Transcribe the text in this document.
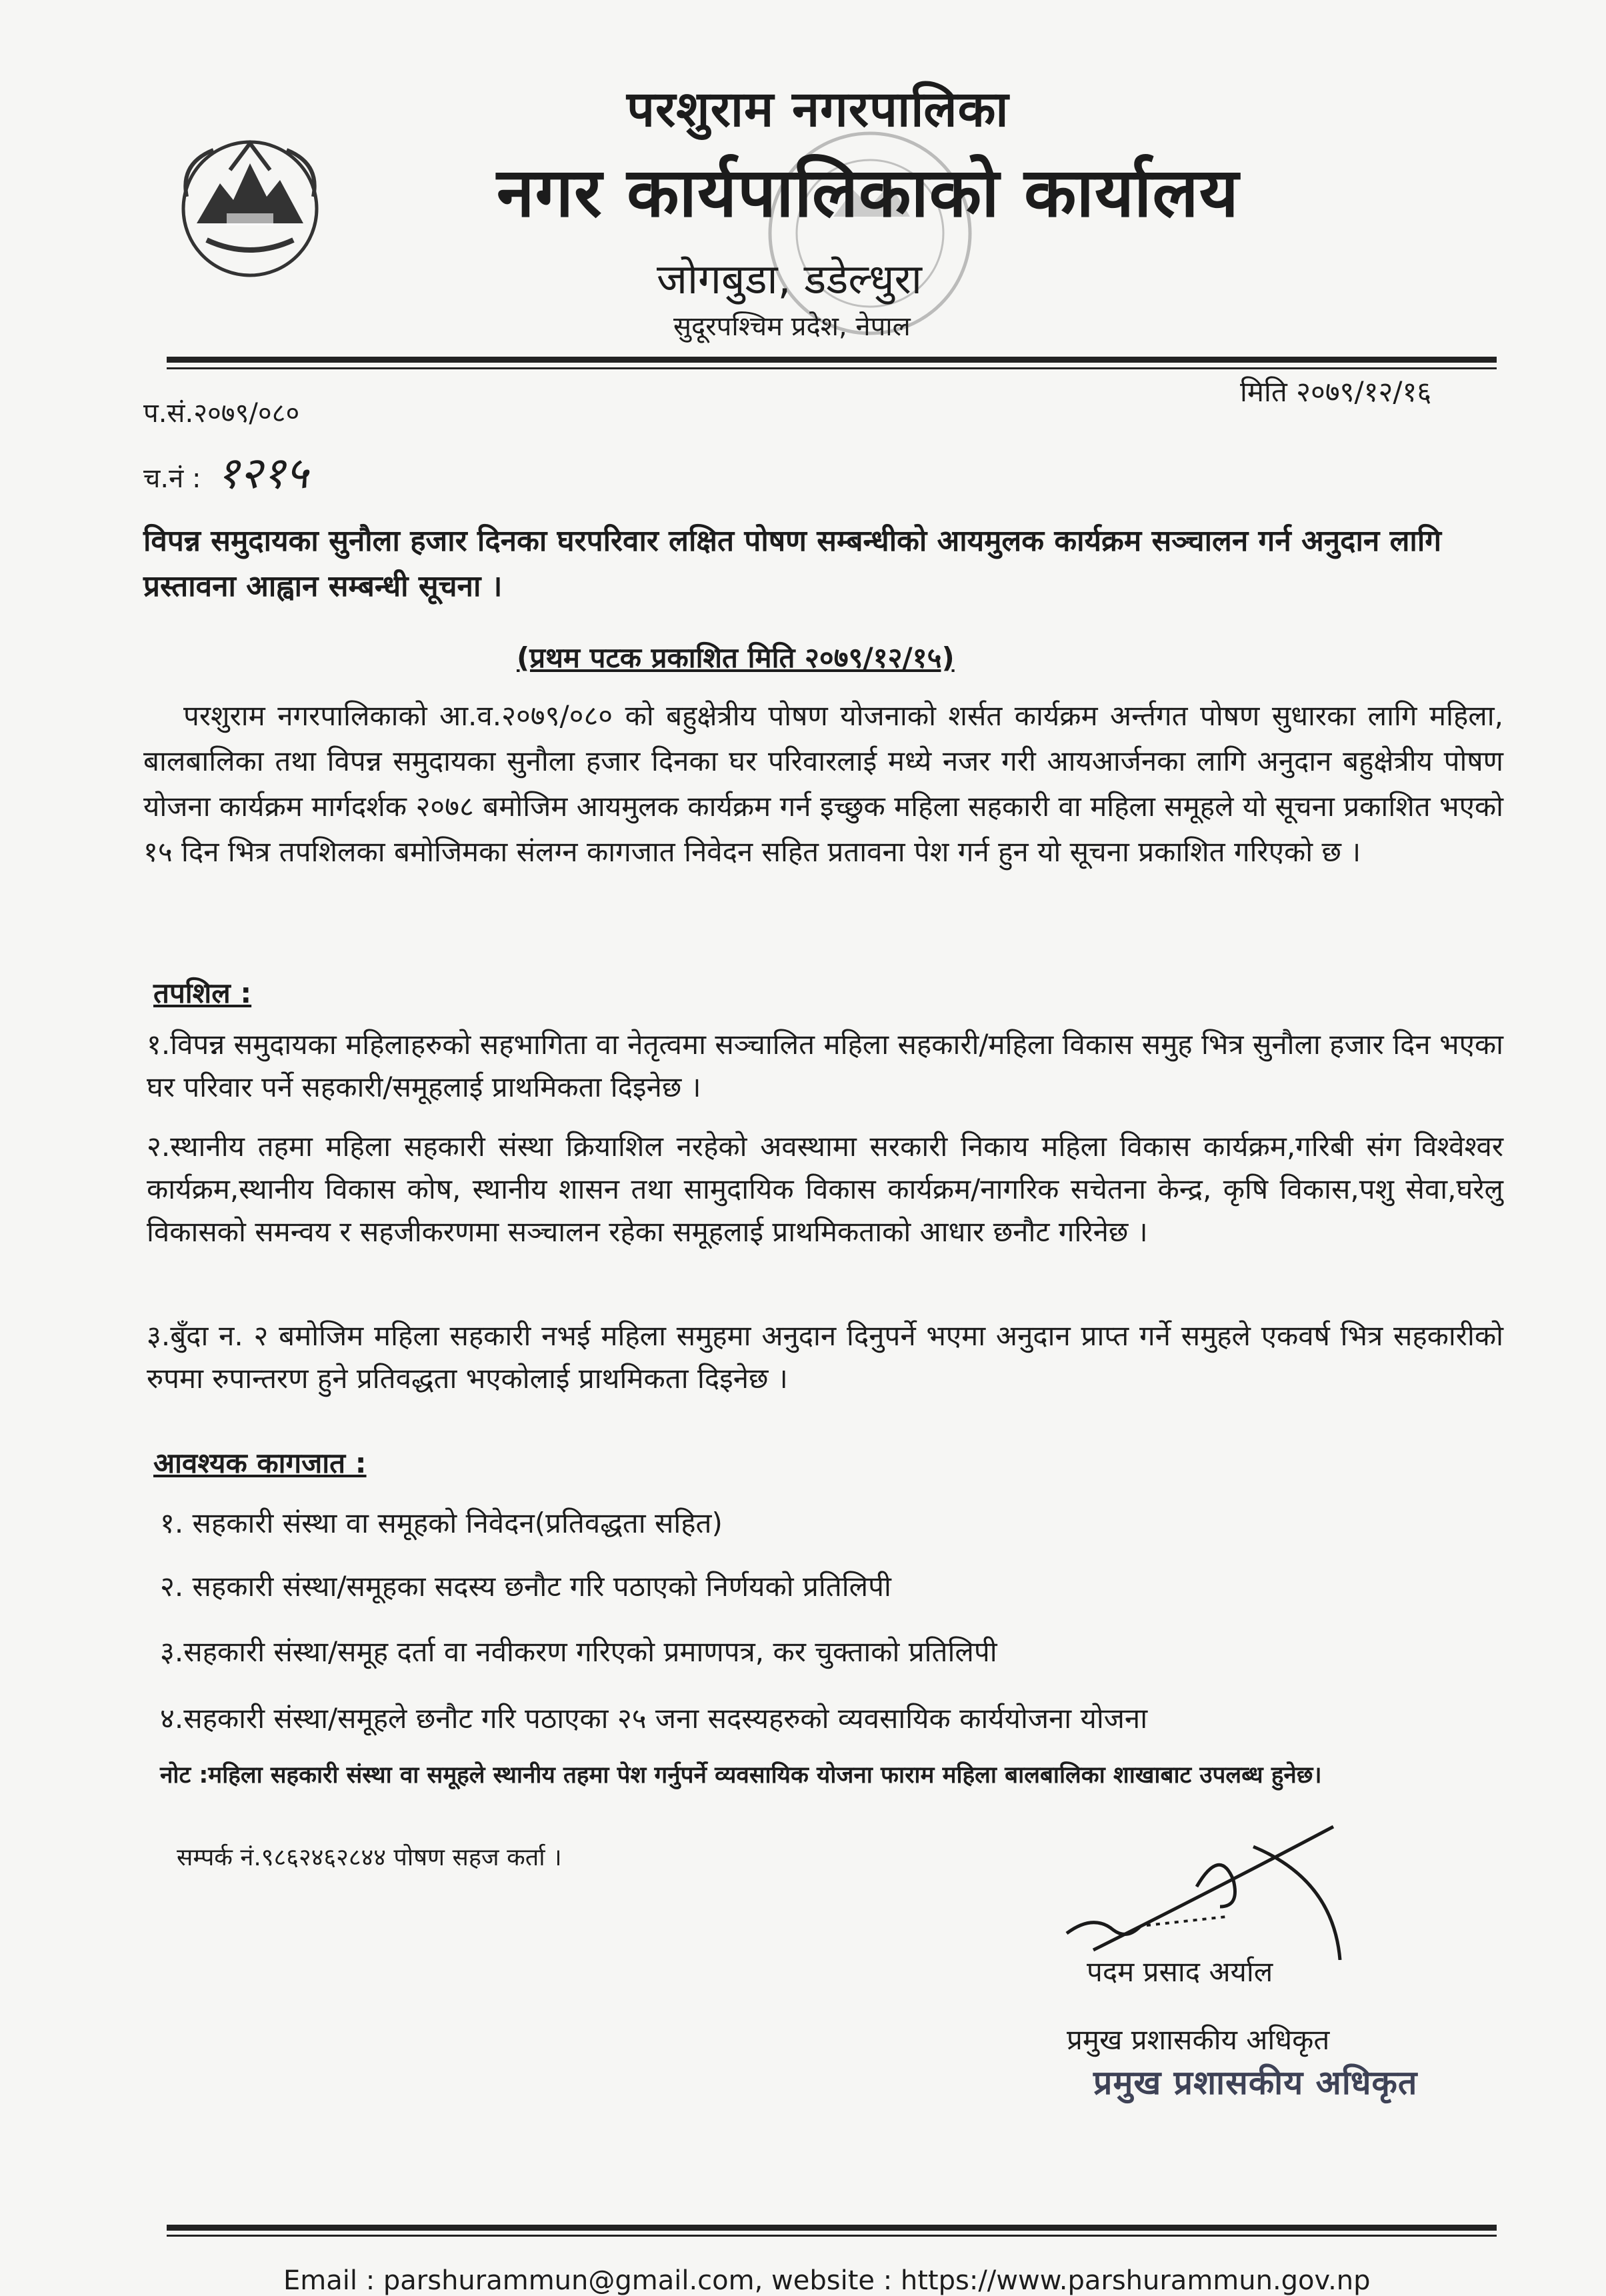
परशुराम नगरपालिका
नगर कार्यपालिकाको कार्यालय
जोगबुडा, डडेल्धुरा
सुदूरपश्चिम प्रदेश, नेपाल
प.सं.२०७९/०८०
मिति २०७९/१२/१६
च.नं : १२१५
विपन्न समुदायका सुनौला हजार दिनका घरपरिवार लक्षित पोषण सम्बन्धीको आयमुलक कार्यक्रम सञ्चालन गर्न अनुदान लागि प्रस्तावना आह्वान सम्बन्धी सूचना ।
(प्रथम पटक प्रकाशित मिति २०७९/१२/१५)
परशुराम नगरपालिकाको आ.व.२०७९/०८० को बहुक्षेत्रीय पोषण योजनाको शर्सत कार्यक्रम अर्न्तगत पोषण सुधारका लागि महिला, बालबालिका तथा विपन्न समुदायका सुनौला हजार दिनका घर परिवारलाई मध्ये नजर गरी आयआर्जनका लागि अनुदान बहुक्षेत्रीय पोषण योजना कार्यक्रम मार्गदर्शक २०७८ बमोजिम आयमुलक कार्यक्रम गर्न इच्छुक महिला सहकारी वा महिला समूहले यो सूचना प्रकाशित भएको १५ दिन भित्र तपशिलका बमोजिमका संलग्न कागजात निवेदन सहित प्रतावना पेश गर्न हुन यो सूचना प्रकाशित गरिएको छ ।
तपशिल :
१.विपन्न समुदायका महिलाहरुको सहभागिता वा नेतृत्वमा सञ्चालित महिला सहकारी/महिला विकास समुह भित्र सुनौला हजार दिन भएका घर परिवार पर्ने सहकारी/समूहलाई प्राथमिकता दिइनेछ ।
२.स्थानीय तहमा महिला सहकारी संस्था क्रियाशिल नरहेको अवस्थामा सरकारी निकाय महिला विकास कार्यक्रम,गरिबी संग विश्वेश्वर कार्यक्रम,स्थानीय विकास कोष, स्थानीय शासन तथा सामुदायिक विकास कार्यक्रम/नागरिक सचेतना केन्द्र, कृषि विकास,पशु सेवा,घरेलु विकासको समन्वय र सहजीकरणमा सञ्चालन रहेका समूहलाई प्राथमिकताको आधार छनौट गरिनेछ ।
३.बुँदा न. २ बमोजिम महिला सहकारी नभई महिला समुहमा अनुदान दिनुपर्ने भएमा अनुदान प्राप्त गर्ने समुहले एकवर्ष भित्र सहकारीको रुपमा रुपान्तरण हुने प्रतिवद्धता भएकोलाई प्राथमिकता दिइनेछ ।
आवश्यक कागजात :
१. सहकारी संस्था वा समूहको निवेदन(प्रतिवद्धता सहित)
२. सहकारी संस्था/समूहका सदस्य छनौट गरि पठाएको निर्णयको प्रतिलिपी
३.सहकारी संस्था/समूह दर्ता वा नवीकरण गरिएको प्रमाणपत्र, कर चुक्ताको प्रतिलिपी
४.सहकारी संस्था/समूहले छनौट गरि पठाएका २५ जना सदस्यहरुको व्यवसायिक कार्ययोजना योजना
नोट :महिला सहकारी संस्था वा समूहले स्थानीय तहमा पेश गर्नुपर्ने व्यवसायिक योजना फाराम महिला बालबालिका शाखाबाट उपलब्ध हुनेछ।
सम्पर्क नं.९८६२४६२८४४ पोषण सहज कर्ता ।
पदम प्रसाद अर्याल
प्रमुख प्रशासकीय अधिकृत
प्रमुख प्रशासकीय अधिकृत
Email : parshurammun@gmail.com, website : https://www.parshurammun.gov.np
